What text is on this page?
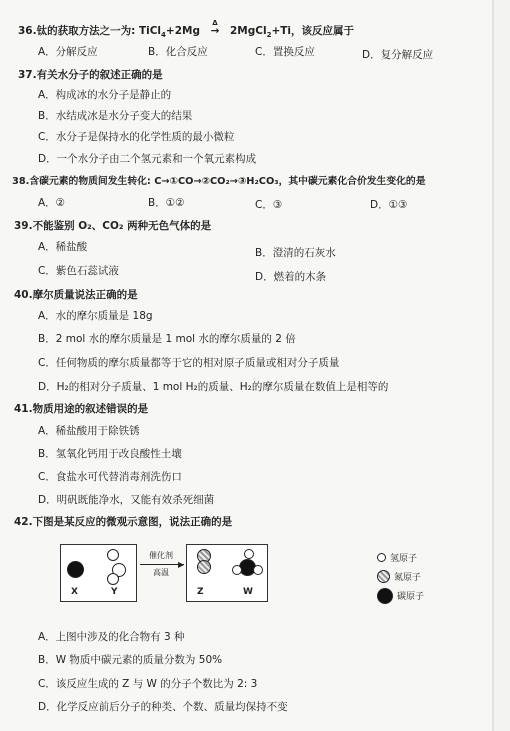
36.钛的获取方法之一为: TiCl$_4$+2Mg
Δ
→ 2MgCl$_2$+Ti，该反应属于
A．分解反应	B．化合反应	C．置换反应	D．复分解反应
37.有关水分子的叙述正确的是
A．构成冰的水分子是静止的
B．水结成冰是水分子变大的结果
C．水分子是保持水的化学性质的最小微粒
D．一个水分子由二个氢元素和一个氧元素构成
38.含碳元素的物质间发生转化: C→①CO→②CO₂→③H₂CO₃，其中碳元素化合价发生变化的是
A．②	B．①②	C．③	D．①③
39.不能鉴别 O₂、CO₂ 两种无色气体的是
A．稀盐酸	B．澄清的石灰水
C．紫色石蕊试液	D．燃着的木条
40.摩尔质量说法正确的是
A．水的摩尔质量是 18g
B．2 mol 水的摩尔质量是 1 mol 水的摩尔质量的 2 倍
C．任何物质的摩尔质量都等于它的相对原子质量或相对分子质量
D．H₂的相对分子质量、1 mol H₂的质量、H₂的摩尔质量在数值上是相等的
41.物质用途的叙述错误的是
A．稀盐酸用于除铁锈
B．氢氧化钙用于改良酸性土壤
C．食盐水可代替消毒剂洗伤口
D．明矾既能净水，又能有效杀死细菌
42.下图是某反应的微观示意图，说法正确的是
X	Y
催化剂
▶
高温
Z	W
氢原子
氮原子
碳原子
A．上图中涉及的化合物有 3 种
B．W 物质中碳元素的质量分数为 50%
C．该反应生成的 Z 与 W 的分子个数比为 2: 3
D．化学反应前后分子的种类、个数、质量均保持不变
